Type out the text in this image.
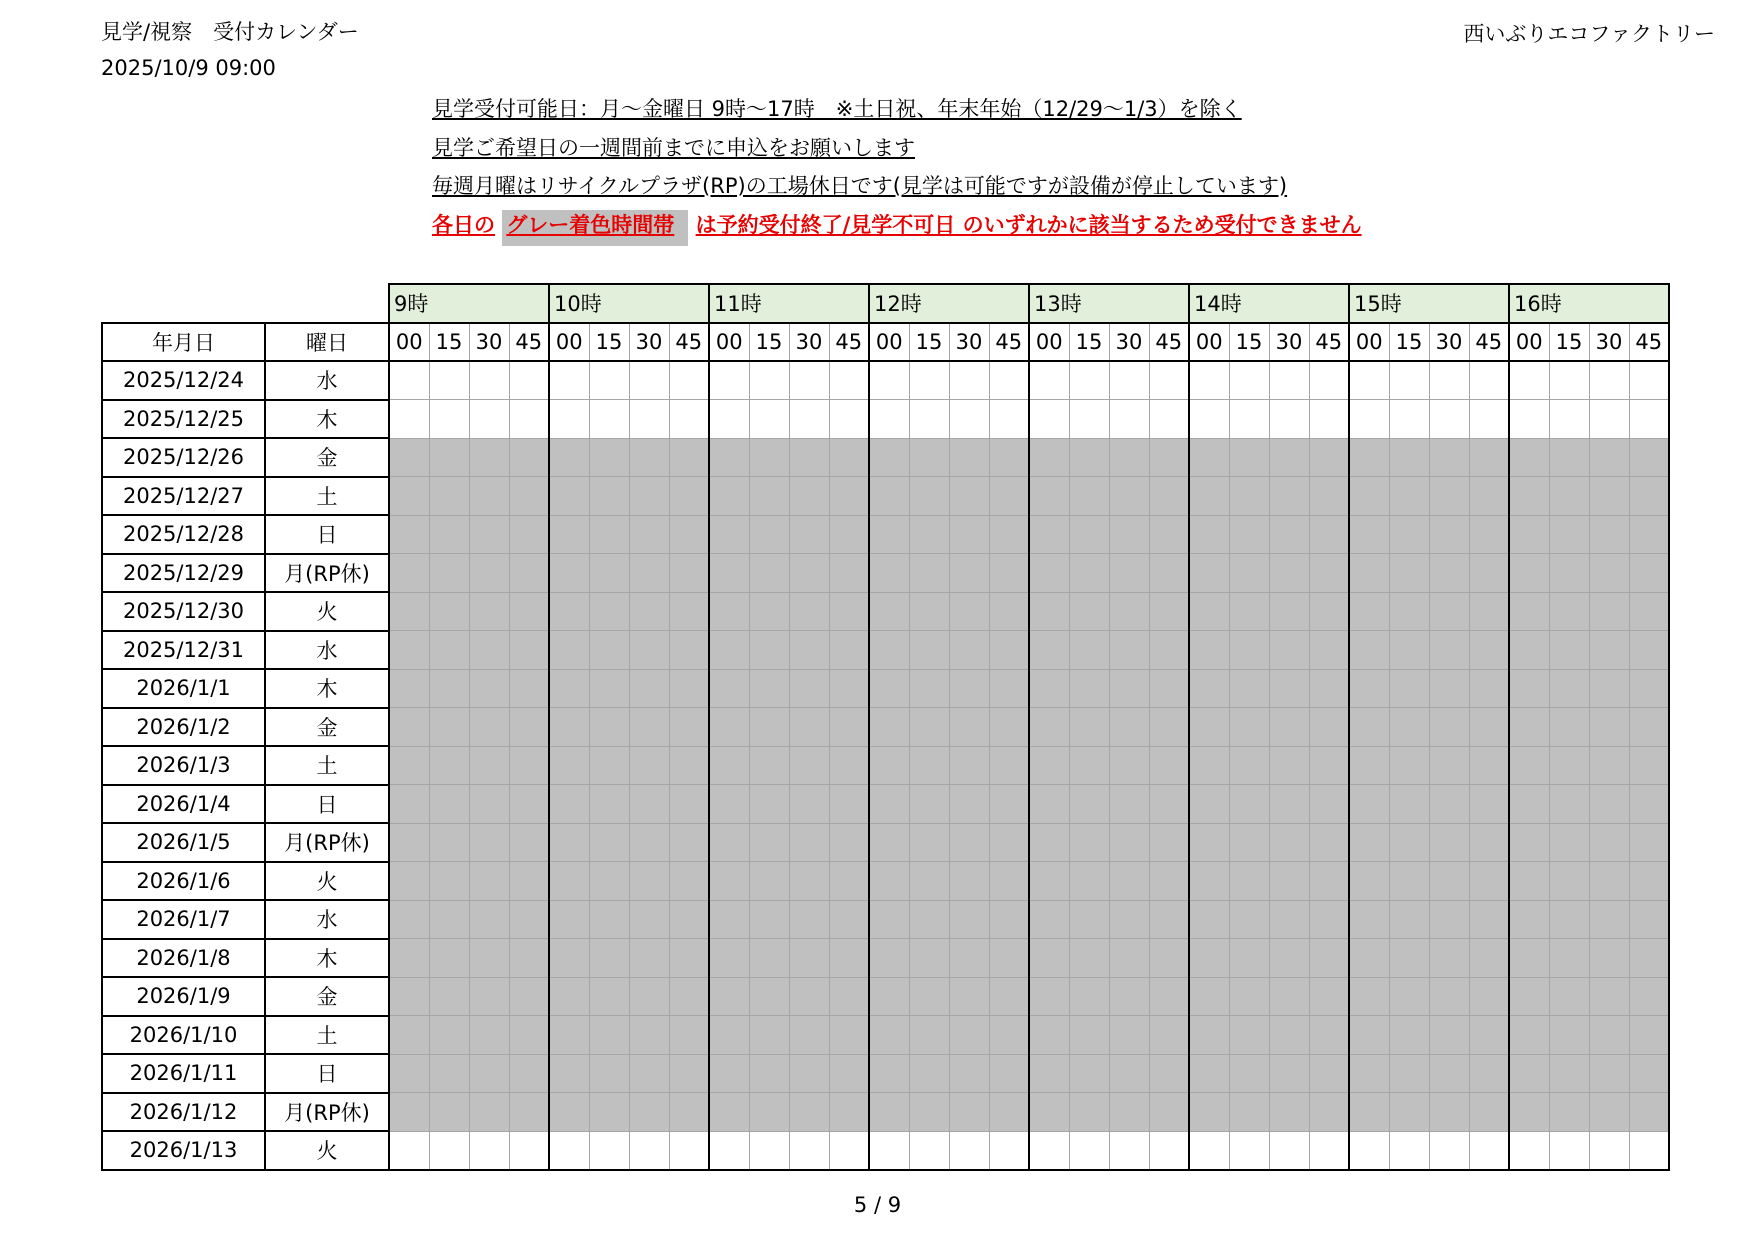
見学/視察　受付カレンダー
2025/10/9 09:00
西いぶりエコファクトリー
見学受付可能日：月～金曜日 9時～17時　※土日祝、年末年始（12/29～1/3）を除く
見学ご希望日の一週間前までに申込をお願いします
毎週月曜はリサイクルプラザ(RP)の工場休日です(見学は可能ですが設備が停止しています)
各日の グレー着色時間帯 は予約受付終了/見学不可日 のいずれかに該当するため受付できません
		9時				10時				11時				12時				13時				14時				15時				16時			
年月日	曜日	00	15	30	45	00	15	30	45	00	15	30	45	00	15	30	45	00	15	30	45	00	15	30	45	00	15	30	45	00	15	30	45
2025/12/24	水																																
2025/12/25	木																																
2025/12/26	金																																
2025/12/27	土																																
2025/12/28	日																																
2025/12/29	月(RP休)																																
2025/12/30	火																																
2025/12/31	水																																
2026/1/1	木																																
2026/1/2	金																																
2026/1/3	土																																
2026/1/4	日																																
2026/1/5	月(RP休)																																
2026/1/6	火																																
2026/1/7	水																																
2026/1/8	木																																
2026/1/9	金																																
2026/1/10	土																																
2026/1/11	日																																
2026/1/12	月(RP休)																																
2026/1/13	火																																
5 / 9
